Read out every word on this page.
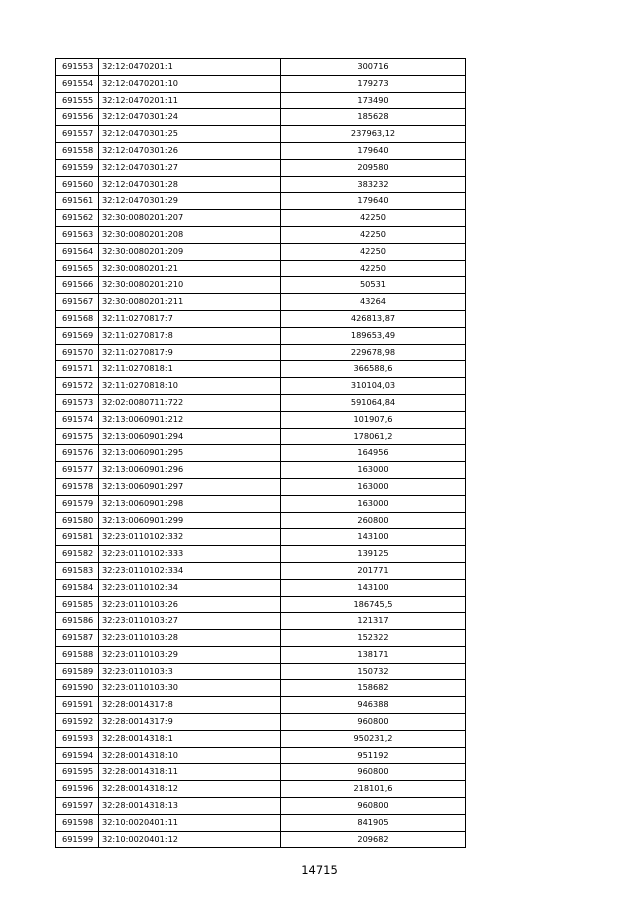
691553	32:12:0470201:1	300716
691554	32:12:0470201:10	179273
691555	32:12:0470201:11	173490
691556	32:12:0470301:24	185628
691557	32:12:0470301:25	237963,12
691558	32:12:0470301:26	179640
691559	32:12:0470301:27	209580
691560	32:12:0470301:28	383232
691561	32:12:0470301:29	179640
691562	32:30:0080201:207	42250
691563	32:30:0080201:208	42250
691564	32:30:0080201:209	42250
691565	32:30:0080201:21	42250
691566	32:30:0080201:210	50531
691567	32:30:0080201:211	43264
691568	32:11:0270817:7	426813,87
691569	32:11:0270817:8	189653,49
691570	32:11:0270817:9	229678,98
691571	32:11:0270818:1	366588,6
691572	32:11:0270818:10	310104,03
691573	32:02:0080711:722	591064,84
691574	32:13:0060901:212	101907,6
691575	32:13:0060901:294	178061,2
691576	32:13:0060901:295	164956
691577	32:13:0060901:296	163000
691578	32:13:0060901:297	163000
691579	32:13:0060901:298	163000
691580	32:13:0060901:299	260800
691581	32:23:0110102:332	143100
691582	32:23:0110102:333	139125
691583	32:23:0110102:334	201771
691584	32:23:0110102:34	143100
691585	32:23:0110103:26	186745,5
691586	32:23:0110103:27	121317
691587	32:23:0110103:28	152322
691588	32:23:0110103:29	138171
691589	32:23:0110103:3	150732
691590	32:23:0110103:30	158682
691591	32:28:0014317:8	946388
691592	32:28:0014317:9	960800
691593	32:28:0014318:1	950231,2
691594	32:28:0014318:10	951192
691595	32:28:0014318:11	960800
691596	32:28:0014318:12	218101,6
691597	32:28:0014318:13	960800
691598	32:10:0020401:11	841905
691599	32:10:0020401:12	209682
14715
